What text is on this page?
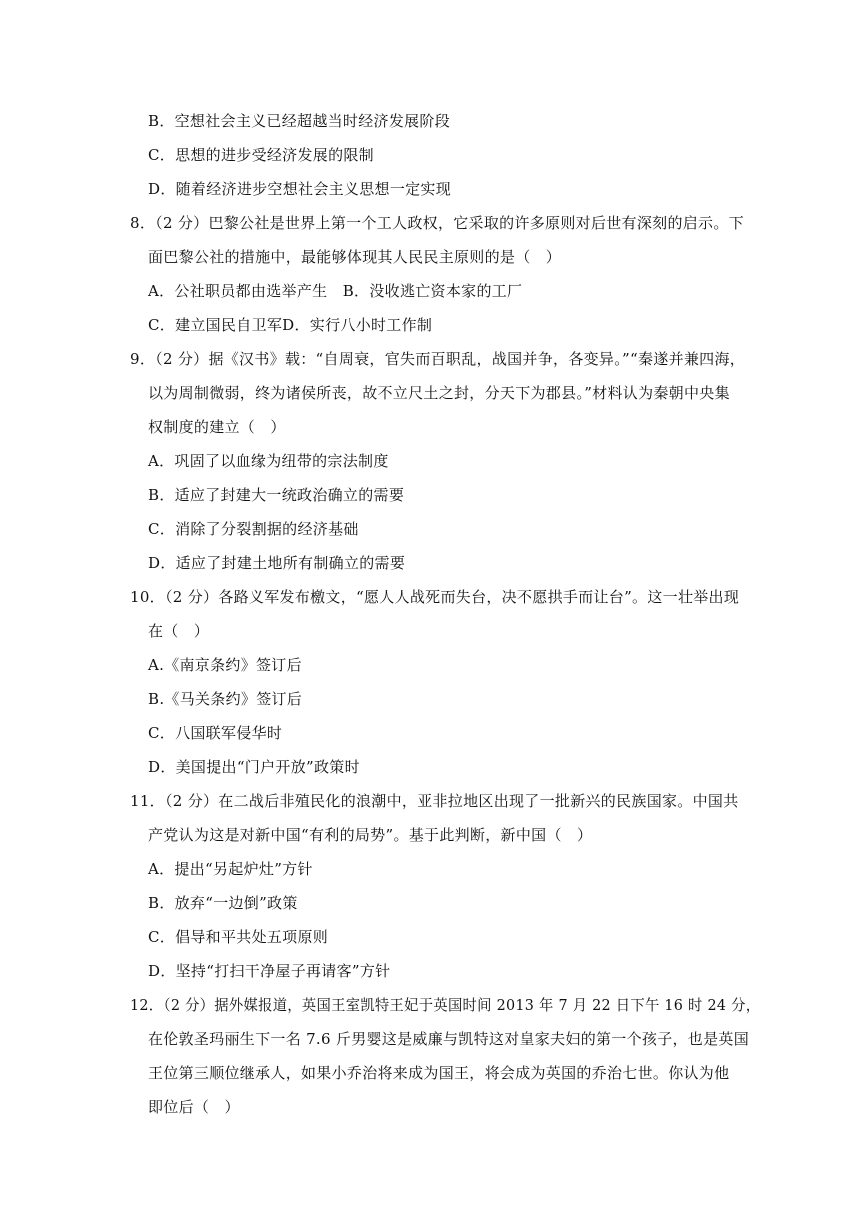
B．空想社会主义已经超越当时经济发展阶段
C．思想的进步受经济发展的限制
D．随着经济进步空想社会主义思想一定实现
8．（2 分）巴黎公社是世界上第一个工人政权，它采取的许多原则对后世有深刻的启示。下
面巴黎公社的措施中，最能够体现其人民民主原则的是（　）
A．公社职员都由选举产生　B．没收逃亡资本家的工厂
C．建立国民自卫军D．实行八小时工作制
9．（2 分）据《汉书》载：“自周衰，官失而百职乱，战国并争，各变异。”“秦遂并兼四海，
以为周制微弱，终为诸侯所丧，故不立尺土之封，分天下为郡县。”材料认为秦朝中央集
权制度的建立（　）
A．巩固了以血缘为纽带的宗法制度
B．适应了封建大一统政治确立的需要
C．消除了分裂割据的经济基础
D．适应了封建土地所有制确立的需要
10．（2 分）各路义军发布檄文，“愿人人战死而失台，决不愿拱手而让台”。这一壮举出现
在（　）
A.《南京条约》签订后
B.《马关条约》签订后
C．八国联军侵华时
D．美国提出“门户开放”政策时
11．（2 分）在二战后非殖民化的浪潮中，亚非拉地区出现了一批新兴的民族国家。中国共
产党认为这是对新中国“有利的局势”。基于此判断，新中国（　）
A．提出“另起炉灶”方针
B．放弃“一边倒”政策
C．倡导和平共处五项原则
D．坚持“打扫干净屋子再请客”方针
12．（2 分）据外媒报道，英国王室凯特王妃于英国时间 2013 年 7 月 22 日下午 16 时 24 分，
在伦敦圣玛丽生下一名 7.6 斤男婴这是威廉与凯特这对皇家夫妇的第一个孩子，也是英国
王位第三顺位继承人，如果小乔治将来成为国王，将会成为英国的乔治七世。你认为他
即位后（　）
